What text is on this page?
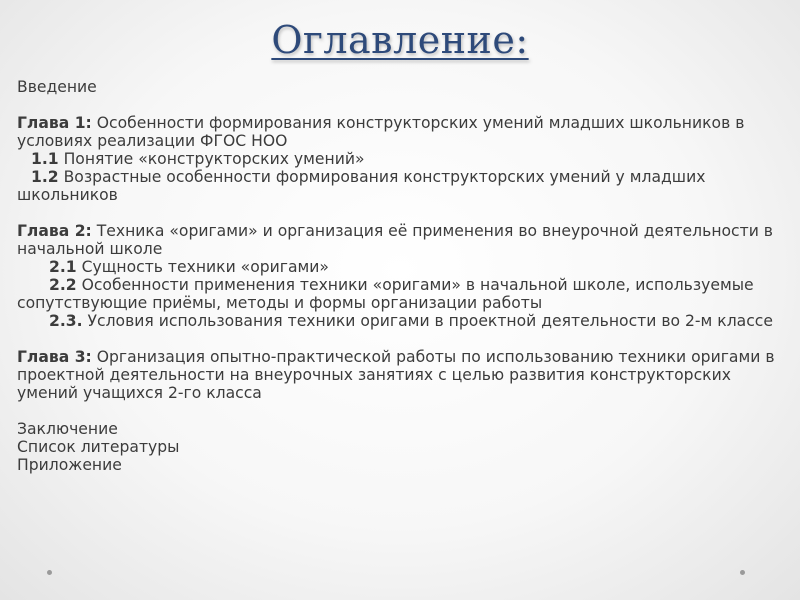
Оглавление:
Введение
Глава 1: Особенности формирования конструкторских умений младших школьников в условиях реализации ФГОС НОО
1.1 Понятие «конструкторских умений»
1.2 Возрастные особенности формирования конструкторских умений у младших школьников
Глава 2: Техника «оригами» и организация её применения во внеурочной деятельности в начальной школе
2.1 Сущность техники «оригами»
2.2 Особенности применения техники «оригами» в начальной школе, используемые сопутствующие приёмы, методы и формы организации работы
2.3. Условия использования техники оригами в проектной деятельности во 2-м классе
Глава 3: Организация опытно-практической работы по использованию техники оригами в проектной деятельности на внеурочных занятиях с целью развития конструкторских умений учащихся 2-го класса
Заключение
Список литературы
Приложение
